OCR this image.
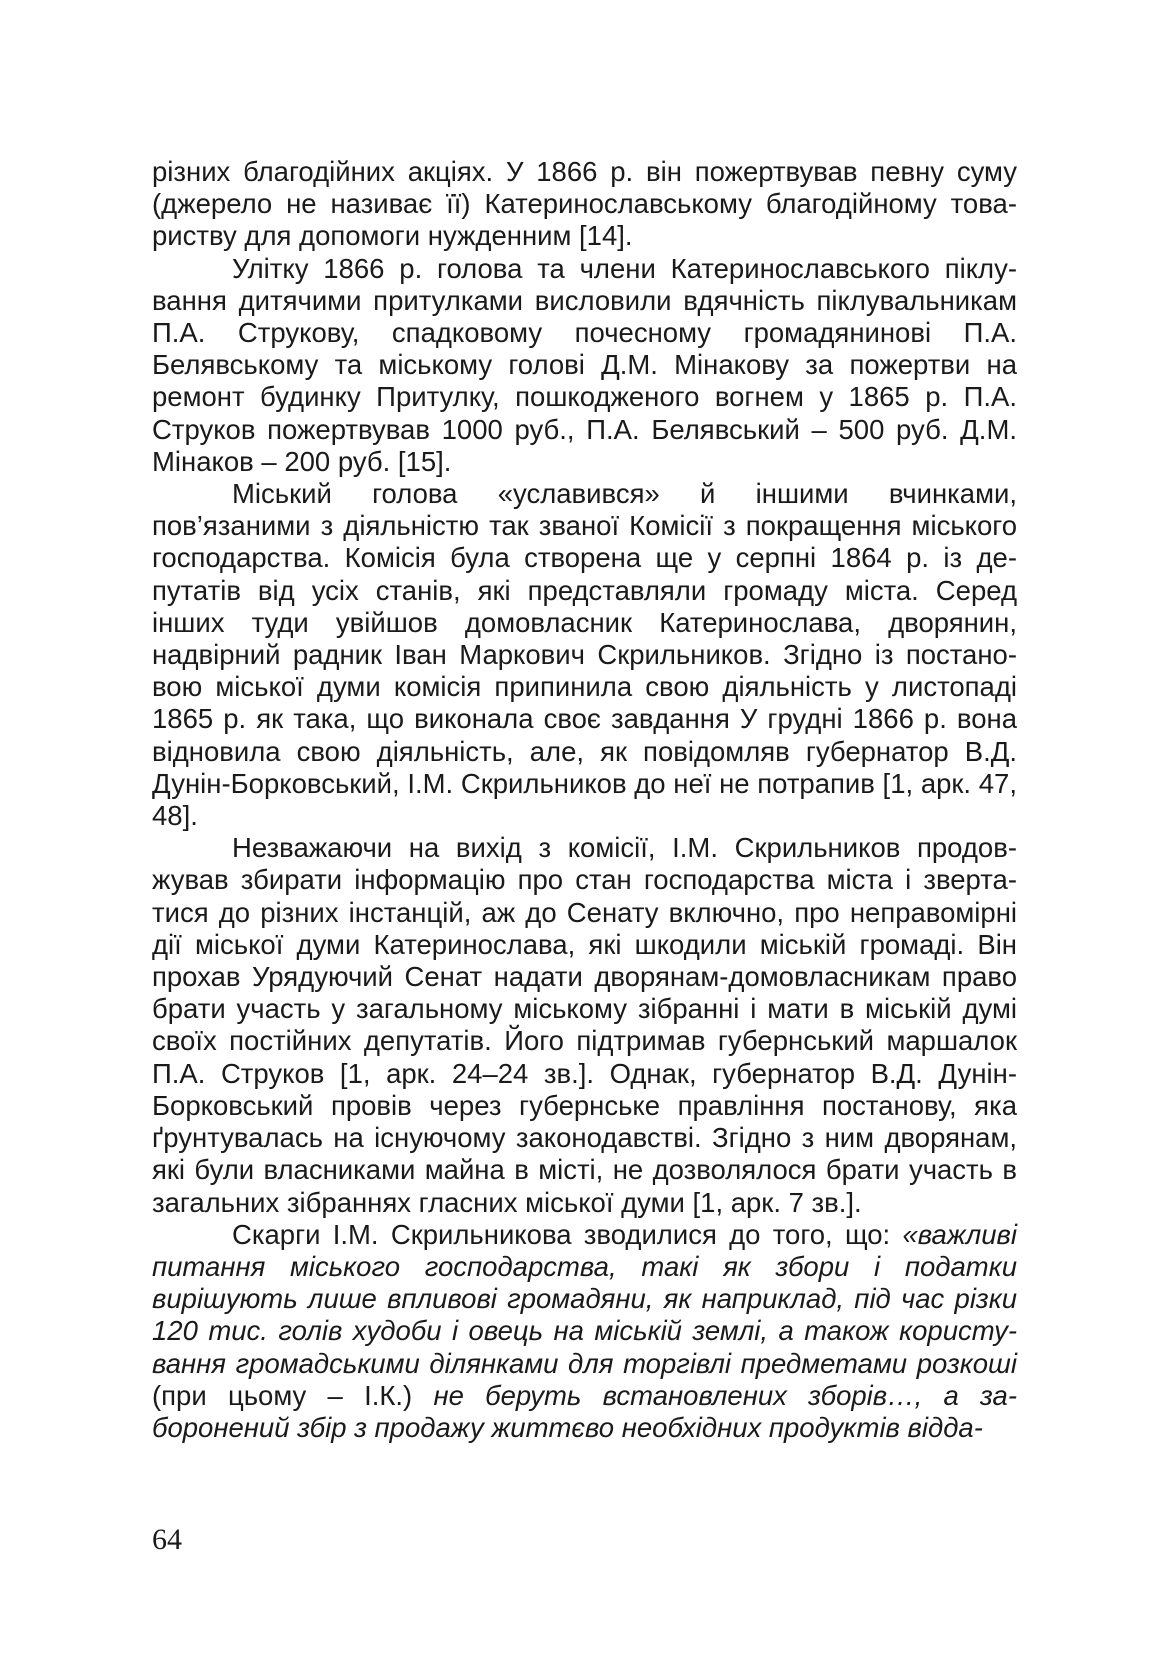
різних благодійних акціях. У 1866 р. він пожертвував певну суму (джерело не називає її) Катеринославському благодійному товариству для допомоги нужденним [14].

Улітку 1866 р. голова та члени Катеринославського піклування дитячими притулками висловили вдячність піклувальникам П.А. Струкову, спадковому почесному громадянинові П.А. Белявському та міському голові Д.М. Мінакову за пожертви на ремонт будинку Притулку, пошкодженого вогнем у 1865 р. П.А. Струков пожертвував 1000 руб., П.А. Белявський – 500 руб. Д.М. Мінаков – 200 руб. [15].

Міський голова «уславився» й іншими вчинками, пов’язаними з діяльністю так званої Комісії з покращення міського господарства. Комісія була створена ще у серпні 1864 р. із депутатів від усіх станів, які представляли громаду міста. Серед інших туди увійшов домовласник Катеринослава, дворянин, надвірний радник Іван Маркович Скрильников. Згідно із постановою міської думи комісія припинила свою діяльність у листопаді 1865 р. як така, що виконала своє завдання У грудні 1866 р. вона відновила свою діяльність, але, як повідомляв губернатор В.Д. Дунін-Борковський, І.М. Скрильников до неї не потрапив [1, арк. 47, 48].

Незважаючи на вихід з комісії, І.М. Скрильников продовжував збирати інформацію про стан господарства міста і звертатися до різних інстанцій, аж до Сенату включно, про неправомірні дії міської думи Катеринослава, які шкодили міській громаді. Він прохав Урядуючий Сенат надати дворянам-домовласникам право брати участь у загальному міському зібранні і мати в міській думі своїх постійних депутатів. Його підтримав губернський маршалок П.А. Струков [1, арк. 24–24 зв.]. Однак, губернатор В.Д. Дунін-Борковський провів через губернське правління постанову, яка ґрунтувалась на існуючому законодавстві. Згідно з ним дворянам, які були власниками майна в місті, не дозволялося брати участь в загальних зібраннях гласних міської думи [1, арк. 7 зв.].

Скарги І.М. Скрильникова зводилися до того, що: «важливі питання міського господарства, такі як збори і податки вирішують лише впливові громадяни, як наприклад, під час різки 120 тис. голів худоби і овець на міській землі, а також користування громадськими ділянками для торгівлі предметами розкоші (при цьому – І.К.) не беруть встановлених зборів…, а заборонений збір з продажу життєво необхідних продуктів відда-

64
